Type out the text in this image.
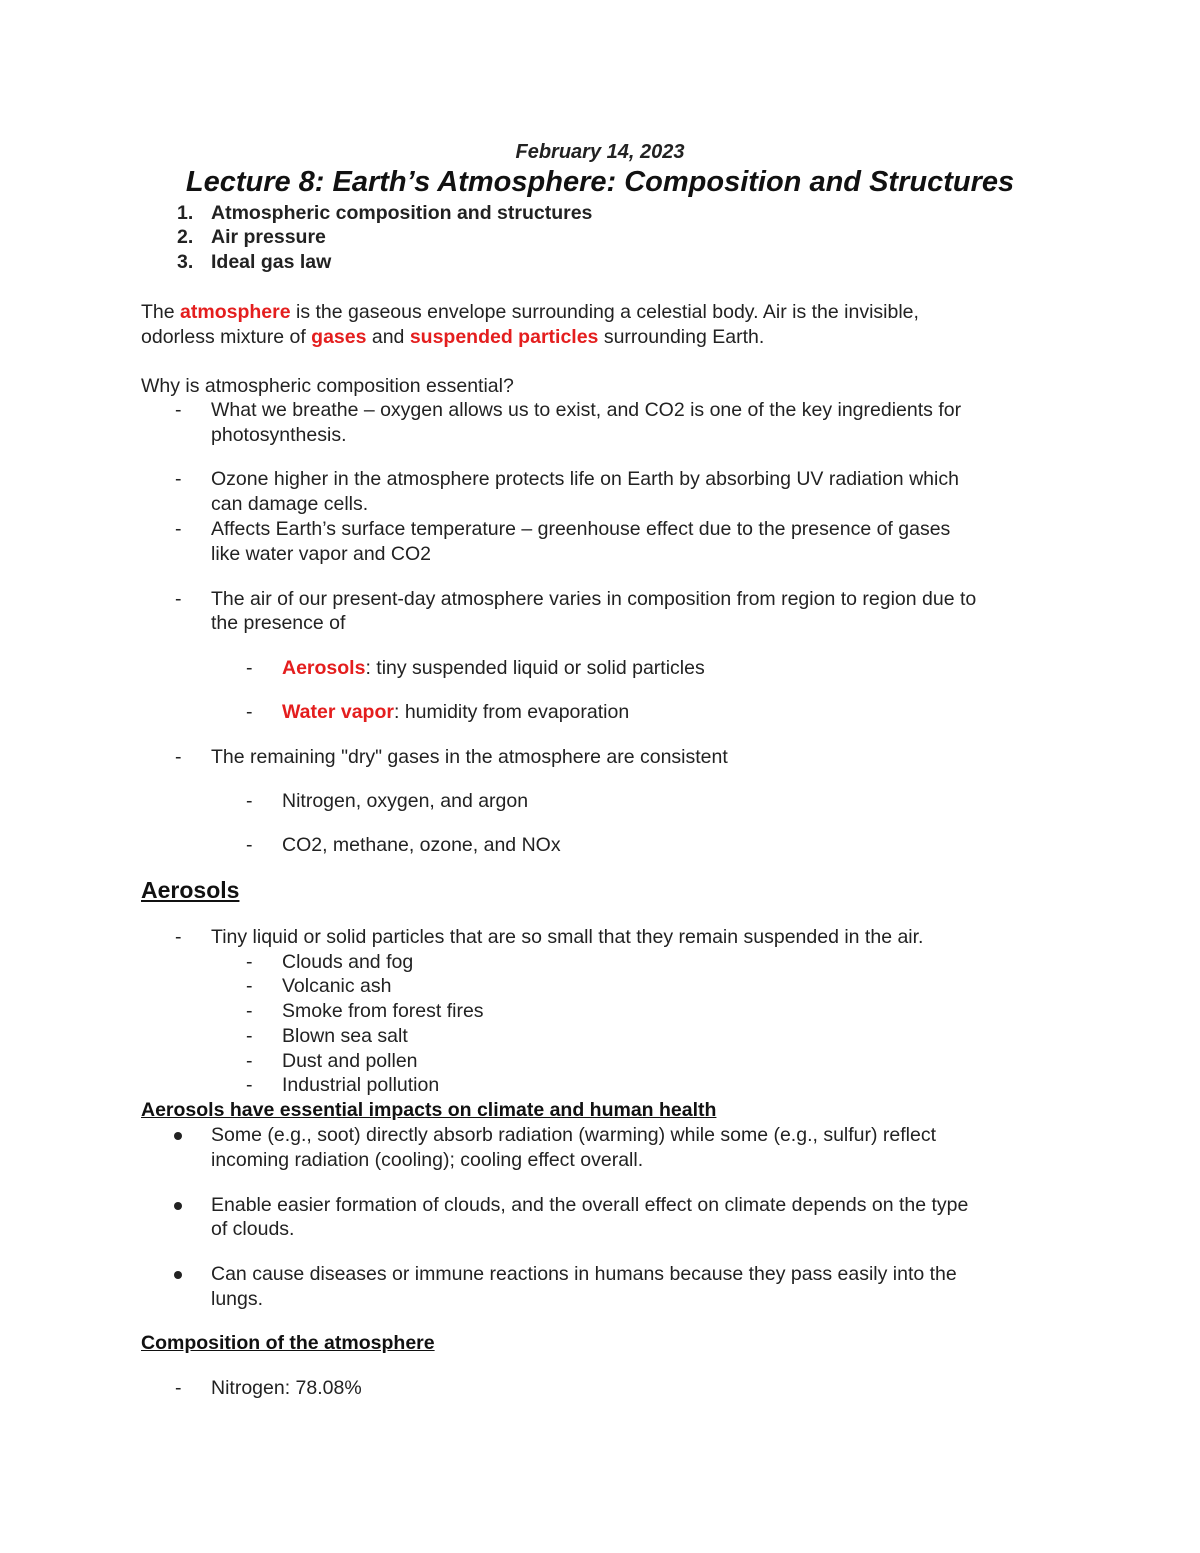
February 14, 2023
Lecture 8: Earth’s Atmosphere: Composition and Structures
1. Atmospheric composition and structures
2. Air pressure
3. Ideal gas law
The atmosphere is the gaseous envelope surrounding a celestial body. Air is the invisible,
odorless mixture of gases and suspended particles surrounding Earth.
Why is atmospheric composition essential?
- What we breathe – oxygen allows us to exist, and CO2 is one of the key ingredients for
photosynthesis.
- Ozone higher in the atmosphere protects life on Earth by absorbing UV radiation which
can damage cells.
- Affects Earth’s surface temperature – greenhouse effect due to the presence of gases
like water vapor and CO2
- The air of our present-day atmosphere varies in composition from region to region due to
the presence of
- Aerosols: tiny suspended liquid or solid particles
- Water vapor: humidity from evaporation
- The remaining "dry" gases in the atmosphere are consistent
- Nitrogen, oxygen, and argon
- CO2, methane, ozone, and NOx
Aerosols
- Tiny liquid or solid particles that are so small that they remain suspended in the air.
- Clouds and fog
- Volcanic ash
- Smoke from forest fires
- Blown sea salt
- Dust and pollen
- Industrial pollution
Aerosols have essential impacts on climate and human health
Some (e.g., soot) directly absorb radiation (warming) while some (e.g., sulfur) reflect
incoming radiation (cooling); cooling effect overall.
Enable easier formation of clouds, and the overall effect on climate depends on the type
of clouds.
Can cause diseases or immune reactions in humans because they pass easily into the
lungs.
Composition of the atmosphere
- Nitrogen: 78.08%
